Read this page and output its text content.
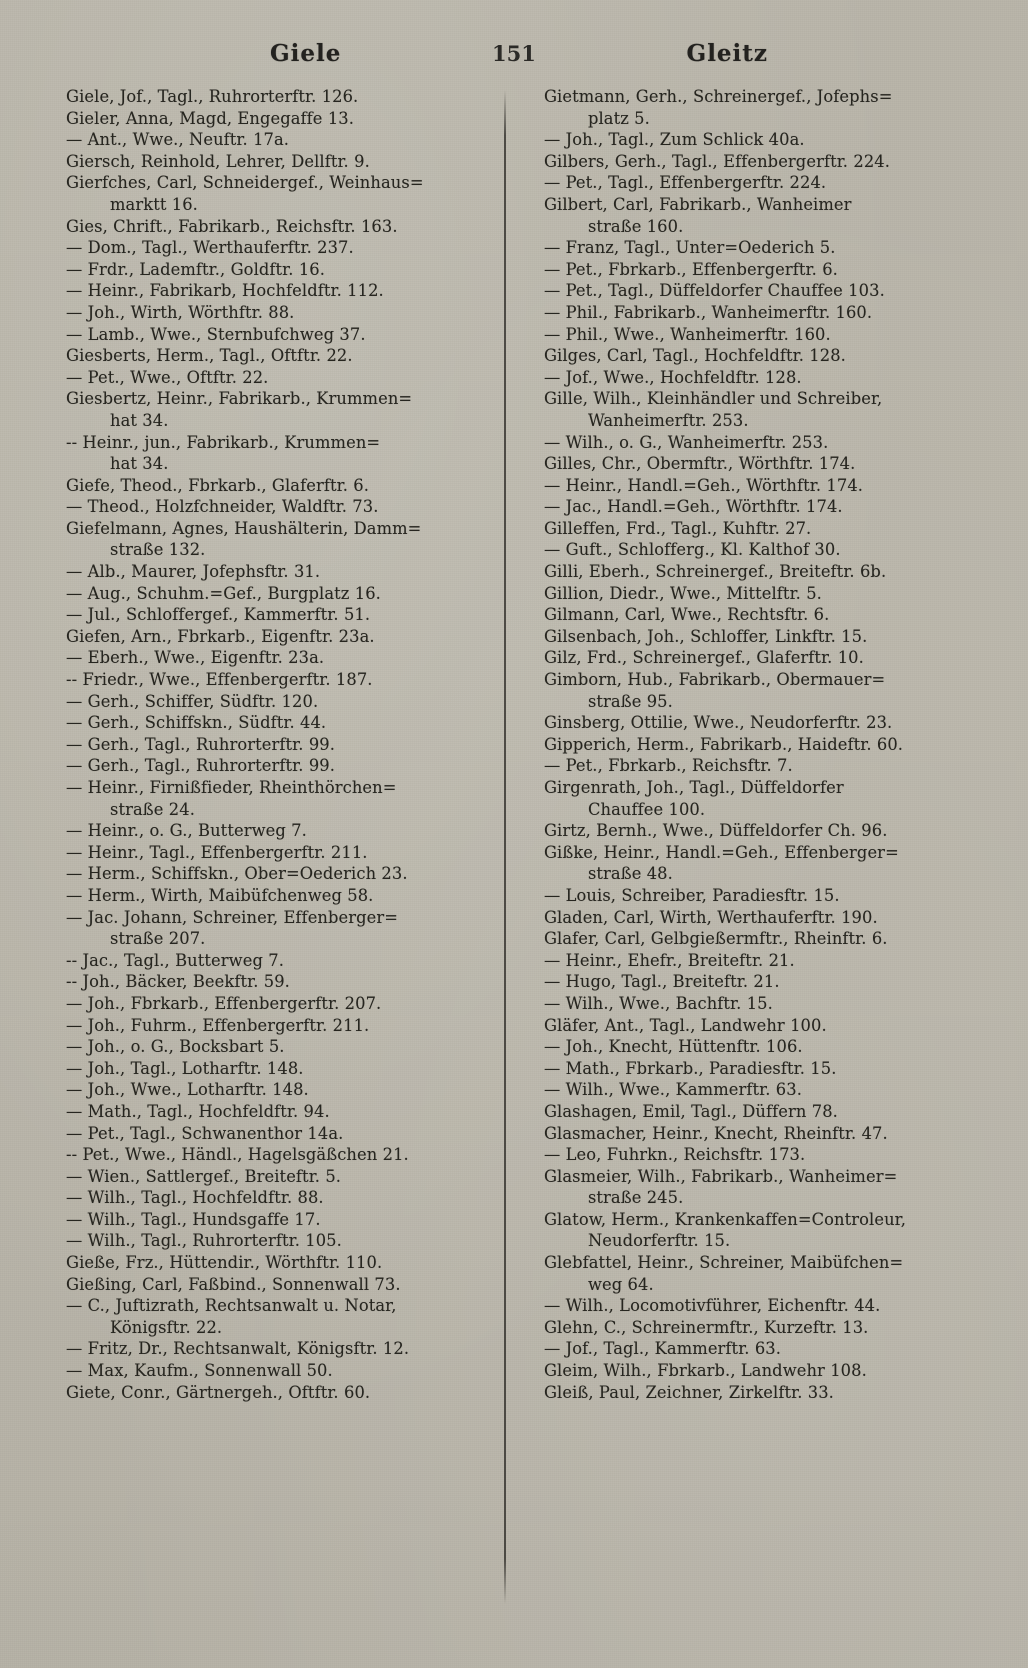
Giele	151	Gleitz

Giele, Jof., Tagl., Ruhrorterftr. 126.

Gieler, Anna, Magd, Engegaffe 13.

— Ant., Wwe., Neuftr. 17a.

Giersch, Reinhold, Lehrer, Dellftr. 9.

Gierfches, Carl, Schneidergef., Weinhaus=
marktt 16.

Gies, Chrift., Fabrikarb., Reichsftr. 163.

— Dom., Tagl., Werthauferftr. 237.

— Frdr., Lademftr., Goldftr. 16.

— Heinr., Fabrikarb, Hochfeldftr. 112.

— Joh., Wirth, Wörthftr. 88.

— Lamb., Wwe., Sternbufchweg 37.

Giesberts, Herm., Tagl., Oftftr. 22.

— Pet., Wwe., Oftftr. 22.

Giesbertz, Heinr., Fabrikarb., Krummen=
hat 34.

-- Heinr., jun., Fabrikarb., Krummen=
hat 34.

Giefe, Theod., Fbrkarb., Glaferftr. 6.

— Theod., Holzfchneider, Waldftr. 73.

Giefelmann, Agnes, Haushälterin, Damm=
straße 132.

— Alb., Maurer, Jofephsftr. 31.

— Aug., Schuhm.=Gef., Burgplatz 16.

— Jul., Schloffergef., Kammerftr. 51.

Giefen, Arn., Fbrkarb., Eigenftr. 23a.

— Eberh., Wwe., Eigenftr. 23a.

-- Friedr., Wwe., Effenbergerftr. 187.

— Gerh., Schiffer, Südftr. 120.

— Gerh., Schiffskn., Südftr. 44.

— Gerh., Tagl., Ruhrorterftr. 99.

— Gerh., Tagl., Ruhrorterftr. 99.

— Heinr., Firnißfieder, Rheinthörchen=
straße 24.

— Heinr., o. G., Butterweg 7.

— Heinr., Tagl., Effenbergerftr. 211.

— Herm., Schiffskn., Ober=Oederich 23.

— Herm., Wirth, Maibüfchenweg 58.

— Jac. Johann, Schreiner, Effenberger=
straße 207.

-- Jac., Tagl., Butterweg 7.

-- Joh., Bäcker, Beekftr. 59.

— Joh., Fbrkarb., Effenbergerftr. 207.

— Joh., Fuhrm., Effenbergerftr. 211.

— Joh., o. G., Bocksbart 5.

— Joh., Tagl., Lotharftr. 148.

— Joh., Wwe., Lotharftr. 148.

— Math., Tagl., Hochfeldftr. 94.

— Pet., Tagl., Schwanenthor 14a.

-- Pet., Wwe., Händl., Hagelsgäßchen 21.

— Wien., Sattlergef., Breiteftr. 5.

— Wilh., Tagl., Hochfeldftr. 88.

— Wilh., Tagl., Hundsgaffe 17.

— Wilh., Tagl., Ruhrorterftr. 105.

Gieße, Frz., Hüttendir., Wörthftr. 110.

Gießing, Carl, Faßbind., Sonnenwall 73.

— C., Juftizrath, Rechtsanwalt u. Notar,
Königsftr. 22.

— Fritz, Dr., Rechtsanwalt, Königsftr. 12.

— Max, Kaufm., Sonnenwall 50.

Giete, Conr., Gärtnergeh., Oftftr. 60.

Gietmann, Gerh., Schreinergef., Jofephs=
platz 5.

— Joh., Tagl., Zum Schlick 40a.

Gilbers, Gerh., Tagl., Effenbergerftr. 224.

— Pet., Tagl., Effenbergerftr. 224.

Gilbert, Carl, Fabrikarb., Wanheimer
straße 160.

— Franz, Tagl., Unter=Oederich 5.

— Pet., Fbrkarb., Effenbergerftr. 6.

— Pet., Tagl., Düffeldorfer Chauffee 103.

— Phil., Fabrikarb., Wanheimerftr. 160.

— Phil., Wwe., Wanheimerftr. 160.

Gilges, Carl, Tagl., Hochfeldftr. 128.

— Jof., Wwe., Hochfeldftr. 128.

Gille, Wilh., Kleinhändler und Schreiber,
Wanheimerftr. 253.

— Wilh., o. G., Wanheimerftr. 253.

Gilles, Chr., Obermftr., Wörthftr. 174.

— Heinr., Handl.=Geh., Wörthftr. 174.

— Jac., Handl.=Geh., Wörthftr. 174.

Gilleffen, Frd., Tagl., Kuhftr. 27.

— Guft., Schlofferg., Kl. Kalthof 30.

Gilli, Eberh., Schreinergef., Breiteftr. 6b.

Gillion, Diedr., Wwe., Mittelftr. 5.

Gilmann, Carl, Wwe., Rechtsftr. 6.

Gilsenbach, Joh., Schloffer, Linkftr. 15.

Gilz, Frd., Schreinergef., Glaferftr. 10.

Gimborn, Hub., Fabrikarb., Obermauer=
straße 95.

Ginsberg, Ottilie, Wwe., Neudorferftr. 23.

Gipperich, Herm., Fabrikarb., Haideftr. 60.

— Pet., Fbrkarb., Reichsftr. 7.

Girgenrath, Joh., Tagl., Düffeldorfer
Chauffee 100.

Girtz, Bernh., Wwe., Düffeldorfer Ch. 96.

Gißke, Heinr., Handl.=Geh., Effenberger=
straße 48.

— Louis, Schreiber, Paradiesftr. 15.

Gladen, Carl, Wirth, Werthauferftr. 190.

Glafer, Carl, Gelbgießermftr., Rheinftr. 6.

— Heinr., Ehefr., Breiteftr. 21.

— Hugo, Tagl., Breiteftr. 21.

— Wilh., Wwe., Bachftr. 15.

Gläfer, Ant., Tagl., Landwehr 100.

— Joh., Knecht, Hüttenftr. 106.

— Math., Fbrkarb., Paradiesftr. 15.

— Wilh., Wwe., Kammerftr. 63.

Glashagen, Emil, Tagl., Düffern 78.

Glasmacher, Heinr., Knecht, Rheinftr. 47.

— Leo, Fuhrkn., Reichsftr. 173.

Glasmeier, Wilh., Fabrikarb., Wanheimer=
straße 245.

Glatow, Herm., Krankenkaffen=Controleur,
Neudorferftr. 15.

Glebfattel, Heinr., Schreiner, Maibüfchen=
weg 64.

— Wilh., Locomotivführer, Eichenftr. 44.

Glehn, C., Schreinermftr., Kurzeftr. 13.

— Jof., Tagl., Kammerftr. 63.

Gleim, Wilh., Fbrkarb., Landwehr 108.

Gleiß, Paul, Zeichner, Zirkelftr. 33.
